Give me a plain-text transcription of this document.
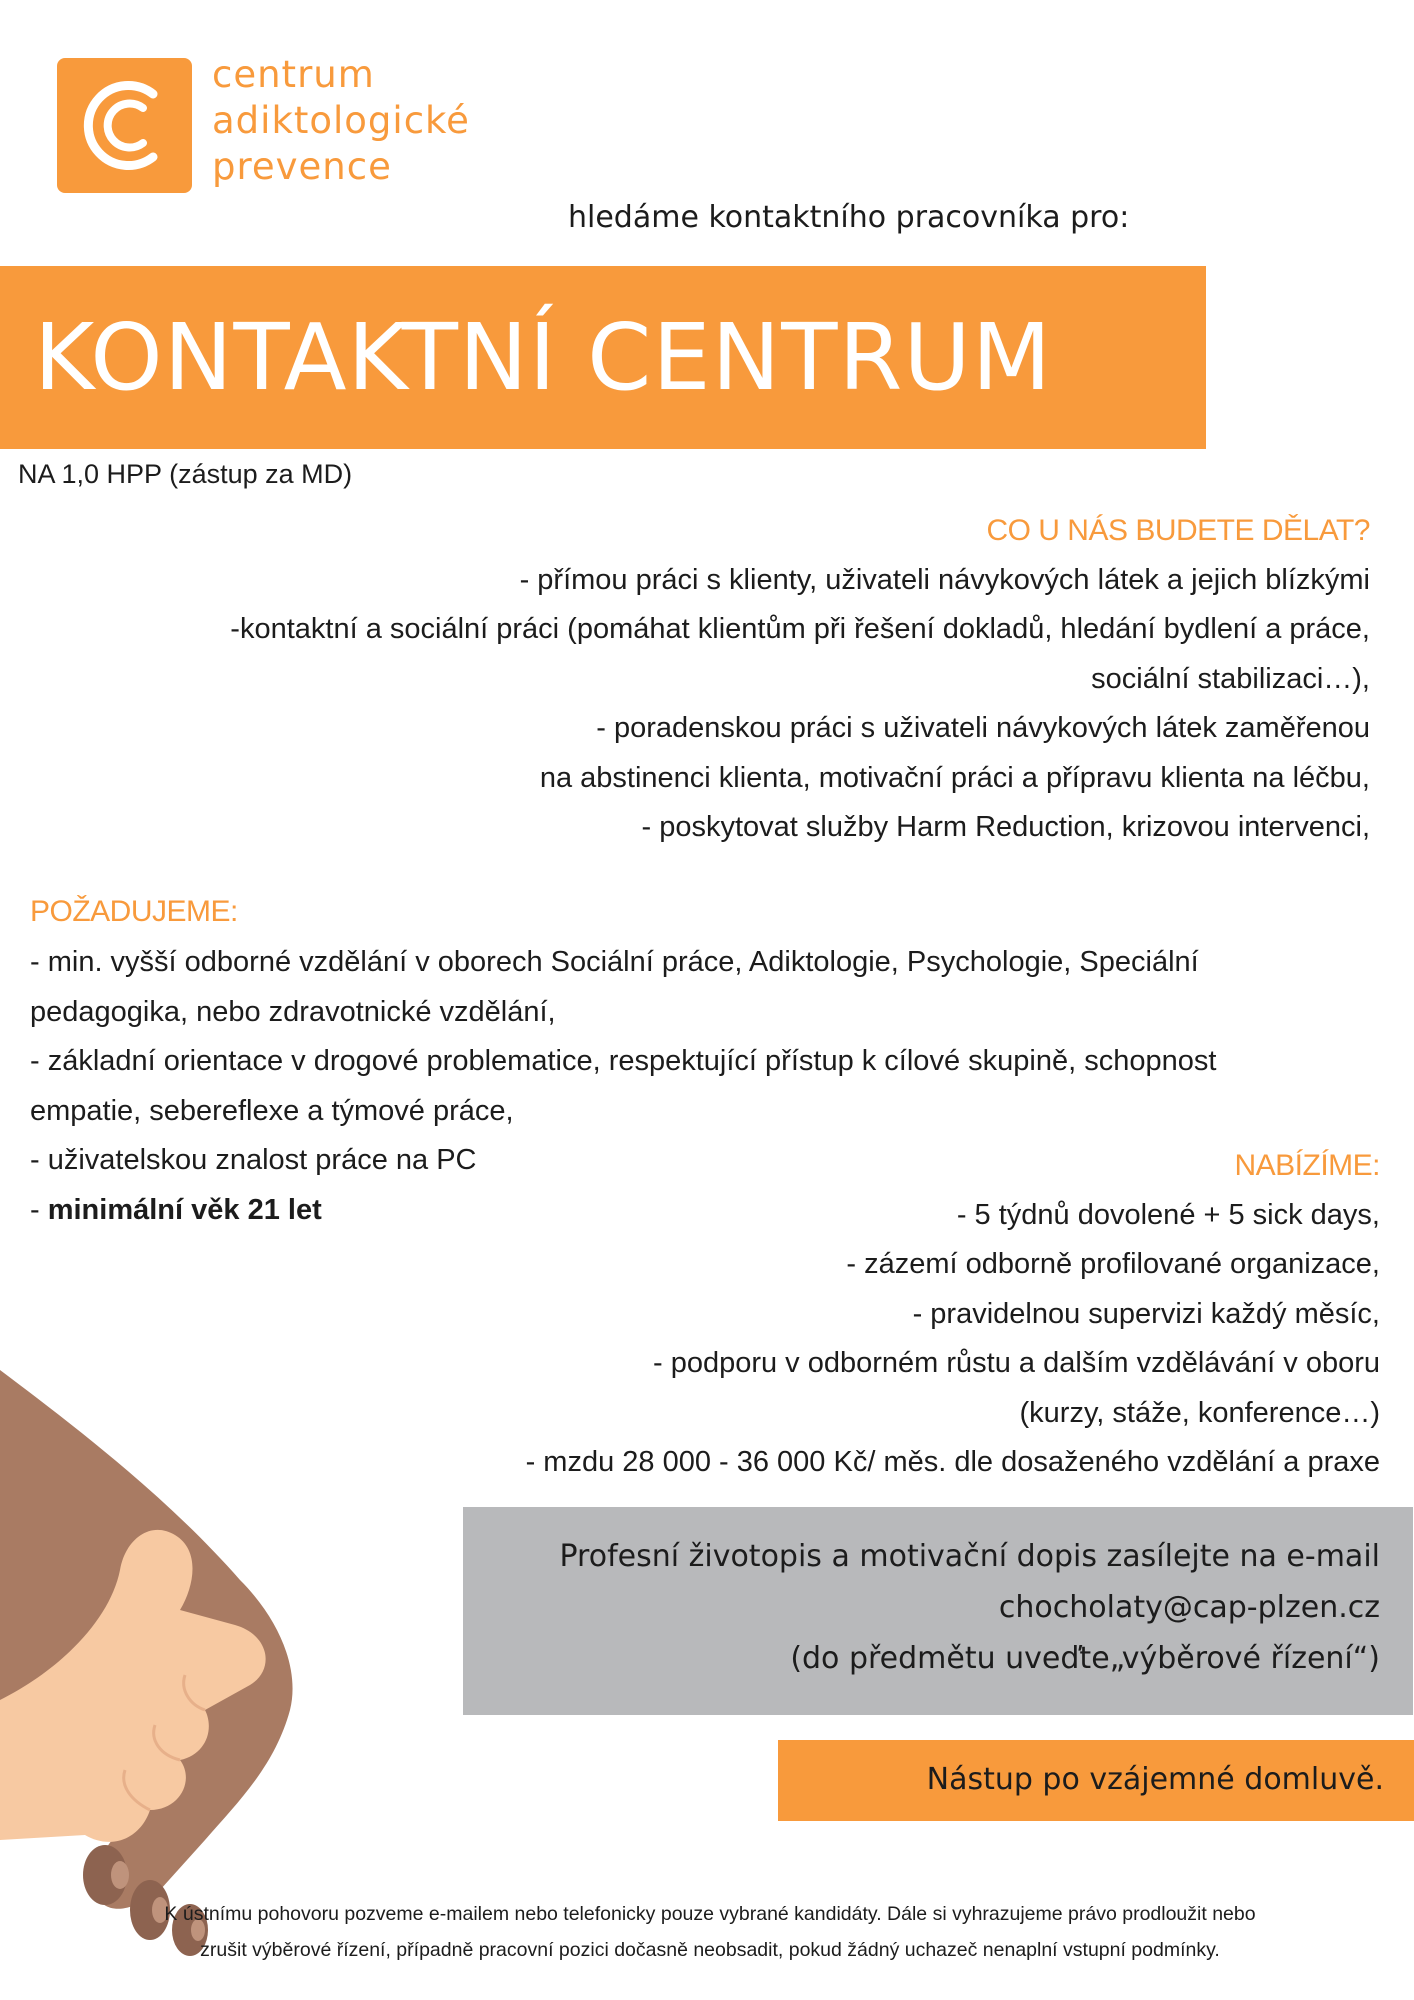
centrum
adiktologické
prevence
hledáme kontaktního pracovníka pro:
KONTAKTNÍ CENTRUM
NA 1,0 HPP (zástup za MD)
CO U NÁS BUDETE DĚLAT?
- přímou práci s klienty, uživateli návykových látek a jejich blízkými
-kontaktní a sociální práci (pomáhat klientům při řešení dokladů, hledání bydlení a práce,
sociální stabilizaci…),
- poradenskou práci s uživateli návykových látek zaměřenou
na abstinenci klienta, motivační práci a přípravu klienta na léčbu,
- poskytovat služby Harm Reduction, krizovou intervenci,
POŽADUJEME:
- min. vyšší odborné vzdělání v oborech Sociální práce, Adiktologie, Psychologie, Speciální
pedagogika, nebo zdravotnické vzdělání,
- základní orientace v drogové problematice, respektující přístup k cílové skupině, schopnost
empatie, sebereflexe a týmové práce,
- uživatelskou znalost práce na PC
- minimální věk 21 let
NABÍZÍME:
- 5 týdnů dovolené + 5 sick days,
- zázemí odborně profilované organizace,
- pravidelnou supervizi každý měsíc,
- podporu v odborném růstu a dalším vzdělávání v oboru
(kurzy, stáže, konference…)
- mzdu 28 000 - 36 000 Kč/ měs. dle dosaženého vzdělání a praxe
Profesní životopis a motivační dopis zasílejte na e-mail
chocholaty@cap-plzen.cz
(do předmětu uveďte„výběrové řízení“)
Nástup po vzájemné domluvě.
K ústnímu pohovoru pozveme e-mailem nebo telefonicky pouze vybrané kandidáty. Dále si vyhrazujeme právo prodloužit nebo
zrušit výběrové řízení, případně pracovní pozici dočasně neobsadit, pokud žádný uchazeč nenaplní vstupní podmínky.
